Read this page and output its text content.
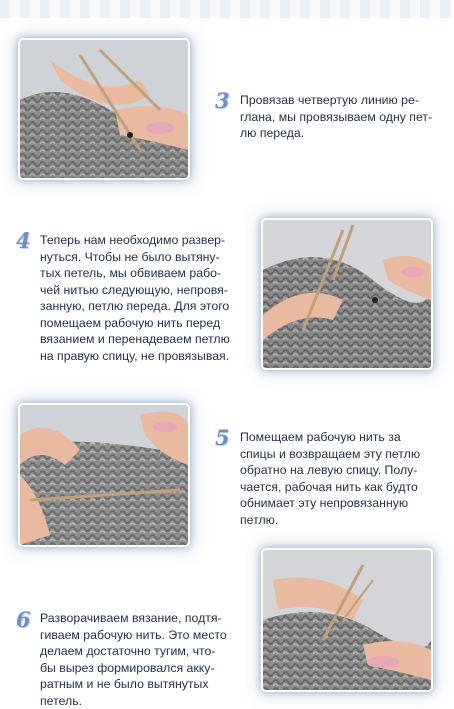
3 Провязав четвертую линию ре-
глана, мы провязываем одну пет-
лю переда.

4 Теперь нам необходимо развер-
нуться. Чтобы не было вытяну-
тых петель, мы обвиваем рабо-
чей нитью следующую, непровя-
занную, петлю переда. Для этого
помещаем рабочую нить перед
вязанием и перенадеваем петлю
на правую спицу, не провязывая.

5 Помещаем рабочую нить за
спицы и возвращаем эту петлю
обратно на левую спицу. Полу-
чается, рабочая нить как будто
обнимает эту непровязанную
петлю.

6 Разворачиваем вязание, подтя-
гиваем рабочую нить. Это место
делаем достаточно тугим, что-
бы вырез формировался акку-
ратным и не было вытянутых
петель.
